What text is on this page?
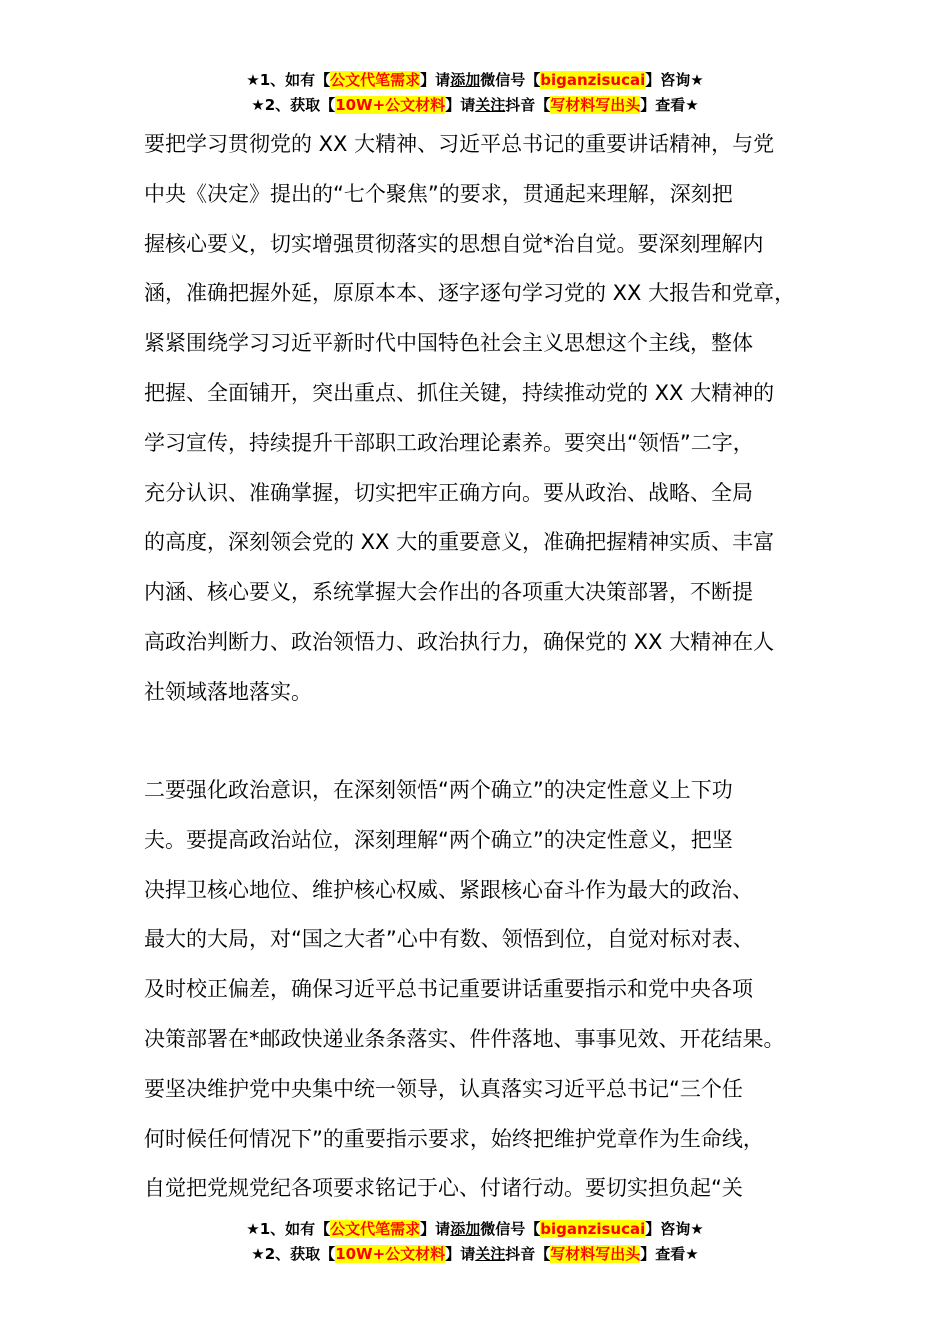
★1、如有【公文代笔需求】请添加微信号【biganzisucai】咨询★
★2、获取【10W+公文材料】请关注抖音【写材料写出头】查看★
要把学习贯彻党的 XX 大精神、习近平总书记的重要讲话精神，与党
中央《决定》提出的“七个聚焦”的要求，贯通起来理解，深刻把
握核心要义，切实增强贯彻落实的思想自觉*治自觉。要深刻理解内
涵，准确把握外延，原原本本、逐字逐句学习党的 XX 大报告和党章，
紧紧围绕学习习近平新时代中国特色社会主义思想这个主线，整体
把握、全面铺开，突出重点、抓住关键，持续推动党的 XX 大精神的
学习宣传，持续提升干部职工政治理论素养。要突出“领悟”二字，
充分认识、准确掌握，切实把牢正确方向。要从政治、战略、全局
的高度，深刻领会党的 XX 大的重要意义，准确把握精神实质、丰富
内涵、核心要义，系统掌握大会作出的各项重大决策部署，不断提
高政治判断力、政治领悟力、政治执行力，确保党的 XX 大精神在人
社领域落地落实。
二要强化政治意识，在深刻领悟“两个确立”的决定性意义上下功
夫。要提高政治站位，深刻理解“两个确立”的决定性意义，把坚
决捍卫核心地位、维护核心权威、紧跟核心奋斗作为最大的政治、
最大的大局，对“国之大者”心中有数、领悟到位，自觉对标对表、
及时校正偏差，确保习近平总书记重要讲话重要指示和党中央各项
决策部署在*邮政快递业条条落实、件件落地、事事见效、开花结果。
要坚决维护党中央集中统一领导，认真落实习近平总书记“三个任
何时候任何情况下”的重要指示要求，始终把维护党章作为生命线，
自觉把党规党纪各项要求铭记于心、付诸行动。要切实担负起“关
★1、如有【公文代笔需求】请添加微信号【biganzisucai】咨询★
★2、获取【10W+公文材料】请关注抖音【写材料写出头】查看★
